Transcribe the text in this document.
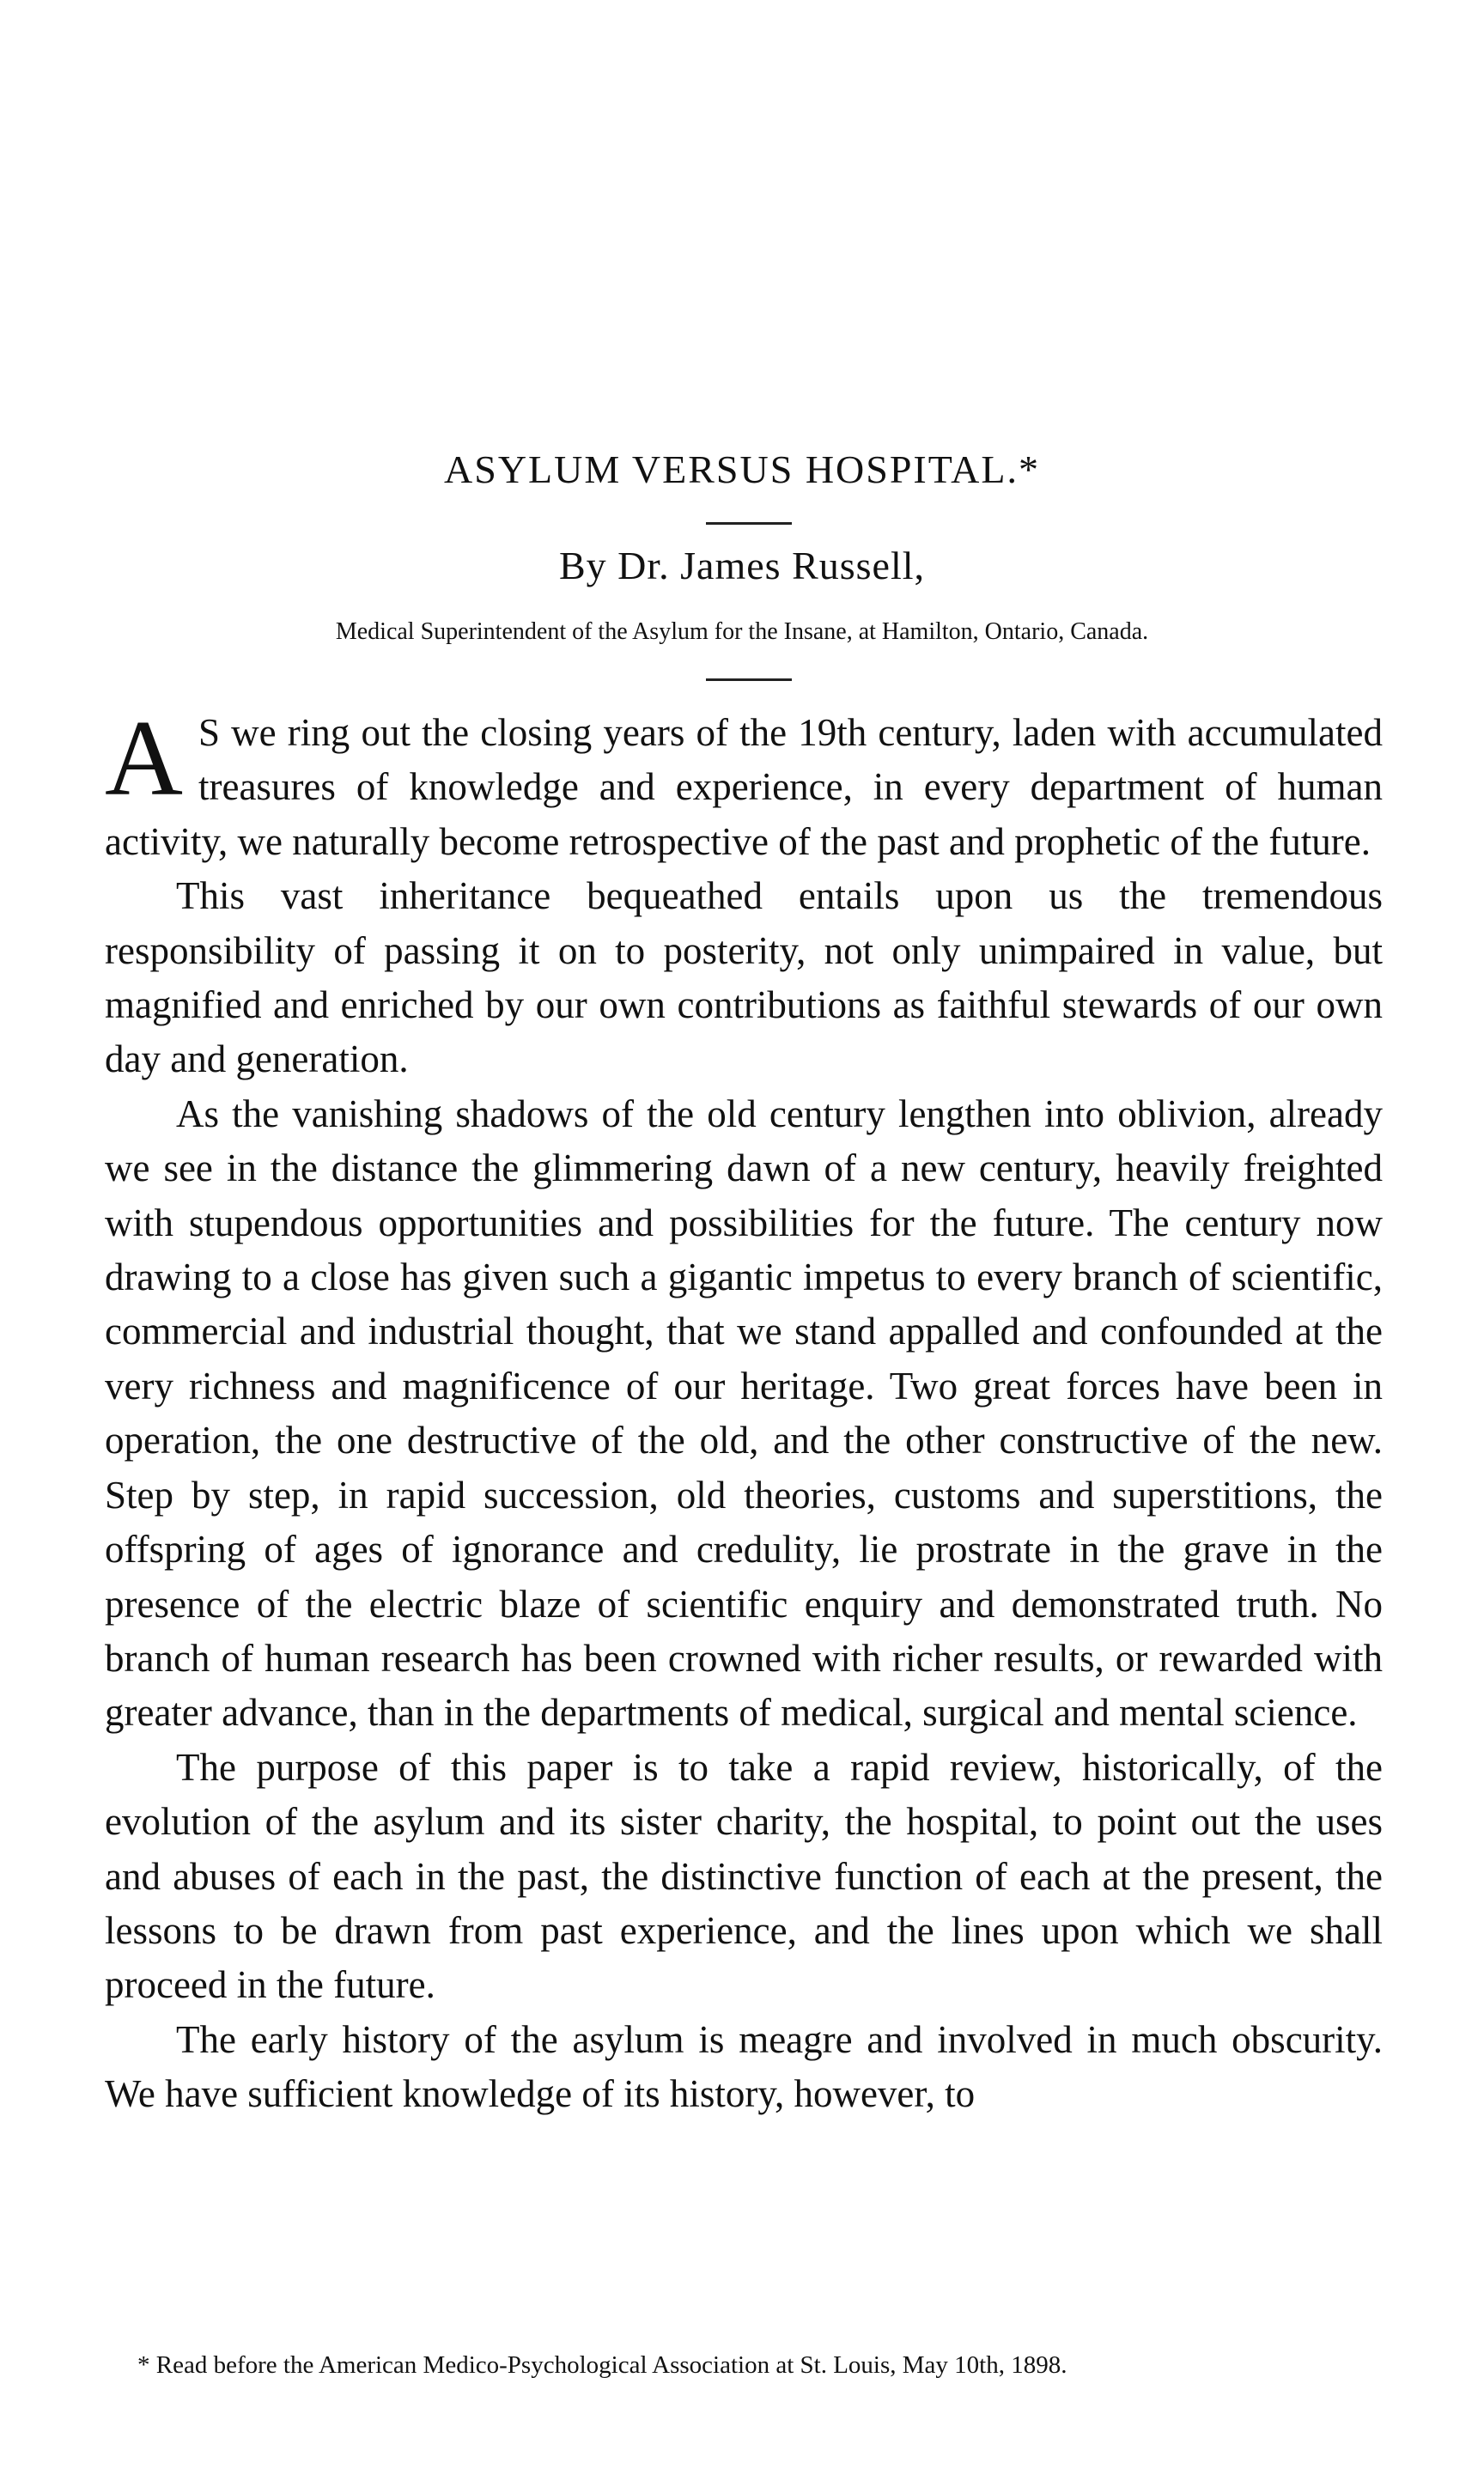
ASYLUM VERSUS HOSPITAL.*
By Dr. James Russell,
Medical Superintendent of the Asylum for the Insane, at Hamilton, Ontario, Canada.

A S we ring out the closing years of the 19th century, laden with accumulated treasures of knowledge and experience, in every department of human activity, we naturally become retrospective of the past and prophetic of the future.

This vast inheritance bequeathed entails upon us the tremendous responsibility of passing it on to posterity, not only unimpaired in value, but magnified and enriched by our own contributions as faithful stewards of our own day and generation.

As the vanishing shadows of the old century lengthen into oblivion, already we see in the distance the glimmering dawn of a new century, heavily freighted with stupendous opportunities and possibilities for the future. The century now drawing to a close has given such a gigantic impetus to every branch of scientific, commercial and industrial thought, that we stand appalled and confounded at the very richness and magnificence of our heritage. Two great forces have been in operation, the one destructive of the old, and the other constructive of the new. Step by step, in rapid succession, old theories, customs and superstitions, the offspring of ages of ignorance and credulity, lie prostrate in the grave in the presence of the electric blaze of scientific enquiry and demonstrated truth. No branch of human research has been crowned with richer results, or rewarded with greater advance, than in the departments of medical, surgical and mental science.

The purpose of this paper is to take a rapid review, historically, of the evolution of the asylum and its sister charity, the hospital, to point out the uses and abuses of each in the past, the distinctive function of each at the present, the lessons to be drawn from past experience, and the lines upon which we shall proceed in the future.

The early history of the asylum is meagre and involved in much obscurity. We have sufficient knowledge of its history, however, to

* Read before the American Medico-Psychological Association at St. Louis, May 10th, 1898.
